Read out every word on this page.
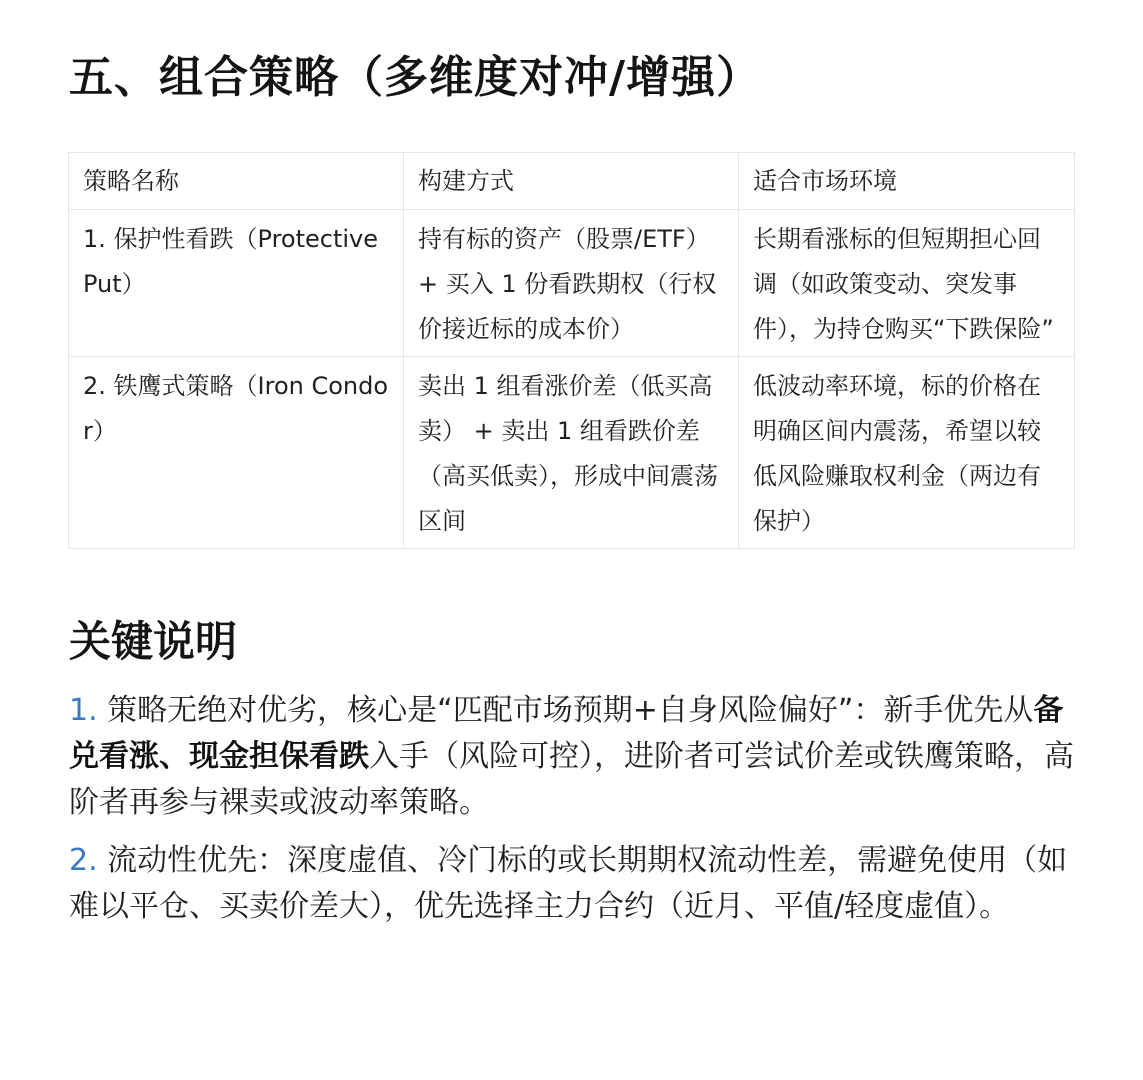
五、组合策略（多维度对冲/增强）
策略名称	构建方式	适合市场环境
1. 保护性看跌（Protective Put）	持有标的资产（股票/ETF）+ 买入 1 份看跌期权（行权价接近标的成本价）	长期看涨标的但短期担心回调（如政策变动、突发事件），为持仓购买“下跌保险”
2. 铁鹰式策略（Iron Condor）	卖出 1 组看涨价差（低买高卖） + 卖出 1 组看跌价差（高买低卖），形成中间震荡区间	低波动率环境，标的价格在明确区间内震荡，希望以较低风险赚取权利金（两边有保护）
关键说明
1. 策略无绝对优劣，核心是“匹配市场预期+自身风险偏好”：新手优先从备兑看涨、现金担保看跌入手（风险可控），进阶者可尝试价差或铁鹰策略，高阶者再参与裸卖或波动率策略。
2. 流动性优先：深度虚值、冷门标的或长期期权流动性差，需避免使用（如难以平仓、买卖价差大），优先选择主力合约（近月、平值/轻度虚值）。
